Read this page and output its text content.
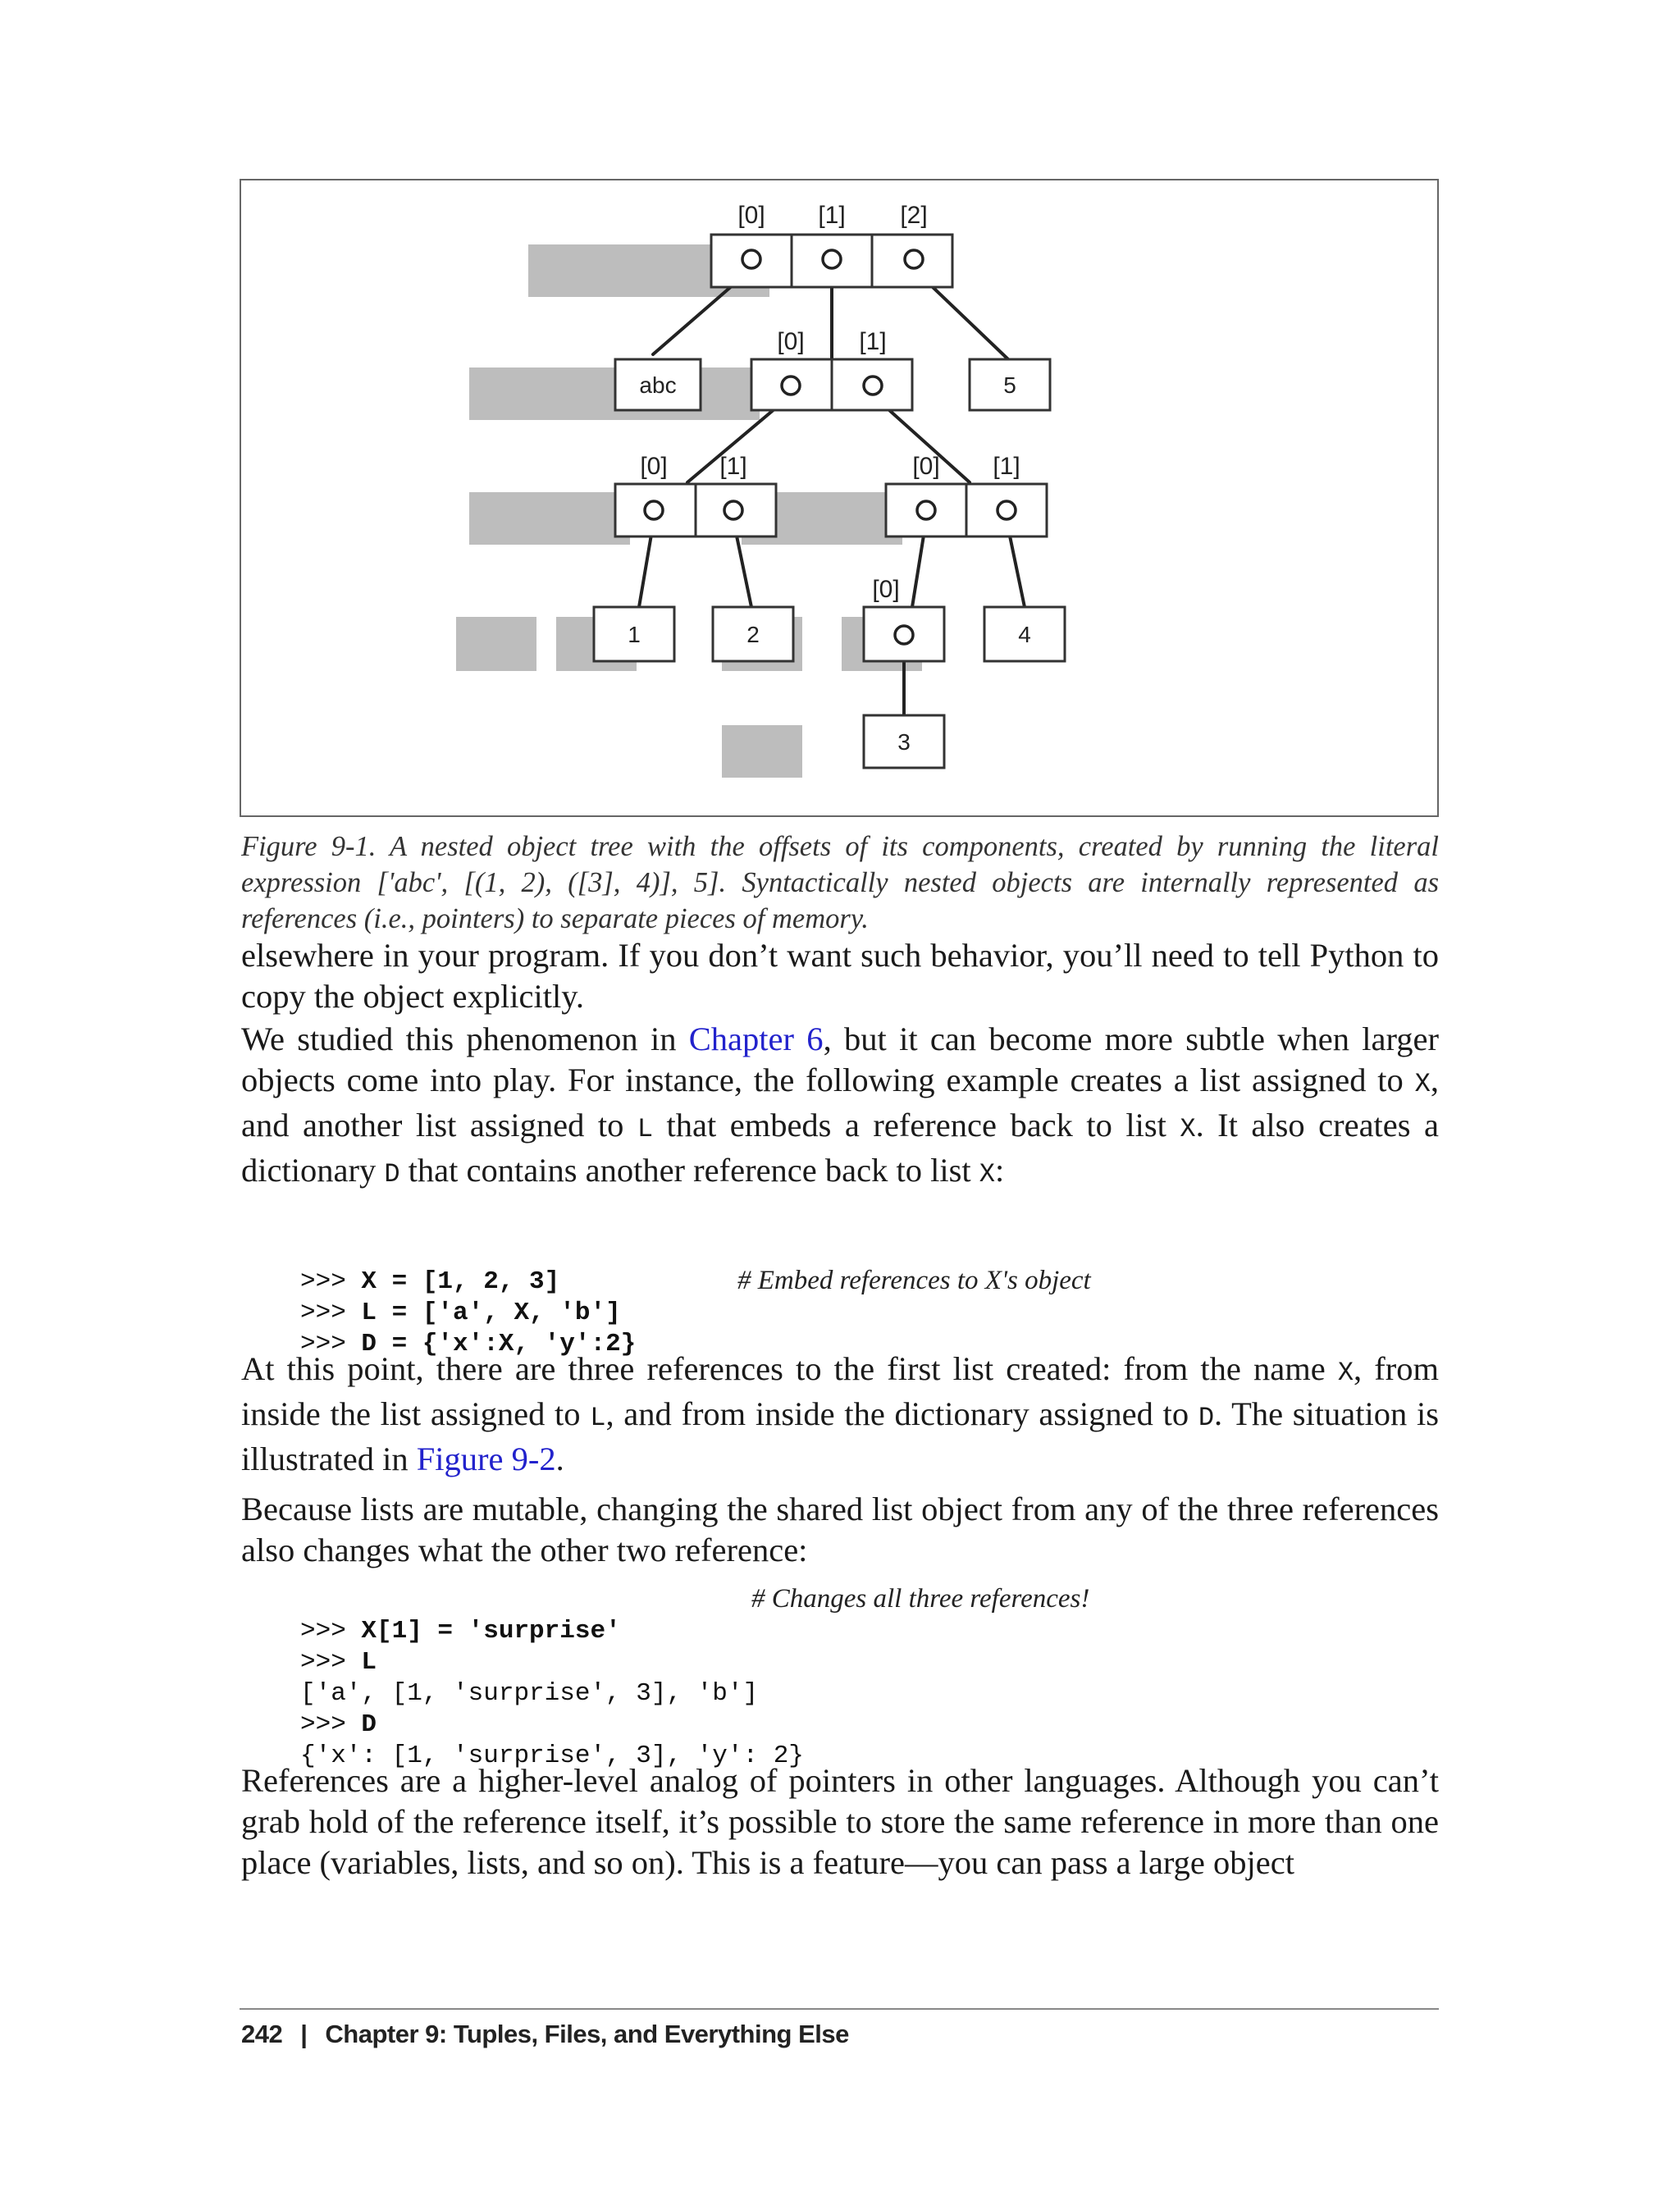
[0] [1] [2]
abc
[0] [1]
5
[0] [1]	[0] [1]
1	2
[0]
4
3
Figure 9-1. A nested object tree with the offsets of its components, created by running the literal expression ['abc', [(1, 2), ([3], 4)], 5]. Syntactically nested objects are internally represented as references (i.e., pointers) to separate pieces of memory.

elsewhere in your program. If you don’t want such behavior, you’ll need to tell Python to copy the object explicitly.

We studied this phenomenon in Chapter 6, but it can become more subtle when larger objects come into play. For instance, the following example creates a list assigned to X, and another list assigned to L that embeds a reference back to list X. It also creates a dictionary D that contains another reference back to list X:

>>> X = [1, 2, 3]
>>> L = ['a', X, 'b']
>>> D = {'x':X, 'y':2}

# Embed references to X's object

At this point, there are three references to the first list created: from the name X, from inside the list assigned to L, and from inside the dictionary assigned to D. The situation is illustrated in Figure 9-2.

Because lists are mutable, changing the shared list object from any of the three references also changes what the other two reference:

>>> X[1] = 'surprise'
>>> L
['a', [1, 'surprise', 3], 'b']
>>> D
{'x': [1, 'surprise', 3], 'y': 2}

# Changes all three references!

References are a higher-level analog of pointers in other languages. Although you can’t grab hold of the reference itself, it’s possible to store the same reference in more than one place (variables, lists, and so on). This is a feature—you can pass a large object

242 | Chapter 9: Tuples, Files, and Everything Else
